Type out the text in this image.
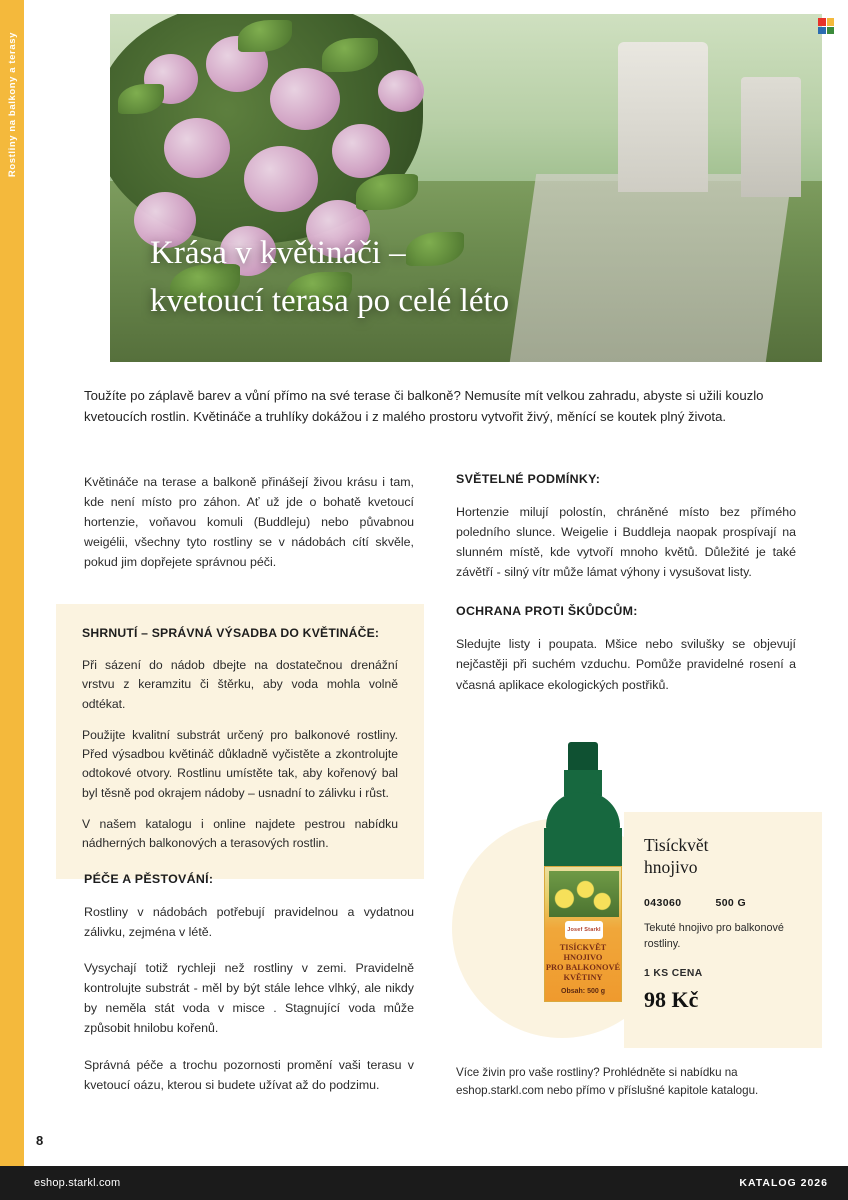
Rostliny na balkony a terasy
Krása v květináči –
kvetoucí terasa po celé léto
Toužíte po záplavě barev a vůní přímo na své terase či balkoně? Nemusíte mít velkou zahradu, abyste si užili kouzlo kvetoucích rostlin. Květináče a truhlíky dokážou i z malého prostoru vytvořit živý, měnící se koutek plný života.

Květináče na terase a balkoně přinášejí živou krásu i tam, kde není místo pro záhon. Ať už jde o bohatě kvetoucí hortenzie, voňavou komuli (Buddleju) nebo půvabnou weigélii, všechny tyto rostliny se v nádobách cítí skvěle, pokud jim dopřejete správnou péči.

SVĚTELNÉ PODMÍNKY:

Hortenzie milují polostín, chráněné místo bez přímého poledního slunce. Weigelie i Buddleja naopak prospívají na slunném místě, kde vytvoří mnoho květů. Důležité je také závětří - silný vítr může lámat výhony i vysušovat listy.

OCHRANA PROTI ŠKŮDCŮM:

Sledujte listy i poupata. Mšice nebo svilušky se objevují nejčastěji při suchém vzduchu. Pomůže pravidelné rosení a včasná aplikace ekologických postřiků.

SHRNUTÍ – SPRÁVNÁ VÝSADBA DO KVĚTINÁČE:

Při sázení do nádob dbejte na dostatečnou drenážní vrstvu z keramzitu či štěrku, aby voda mohla volně odtékat.

Použijte kvalitní substrát určený pro balkonové rostliny. Před výsadbou květináč důkladně vyčistěte a zkontrolujte odtokové otvory. Rostlinu umístěte tak, aby kořenový bal byl těsně pod okrajem nádoby – usnadní to zálivku i růst.

V našem katalogu i online najdete pestrou nabídku nádherných balkonových a terasových rostlin.

PÉČE A PĚSTOVÁNÍ:

Rostliny v nádobách potřebují pravidelnou a vydatnou zálivku, zejména v létě.

Vysychají totiž rychleji než rostliny v zemi. Pravidelně kontrolujte substrát - měl by být stále lehce vlhký, ale nikdy by neměla stát voda v misce . Stagnující voda může způsobit hnilobu kořenů.

Správná péče a trochu pozornosti promění vaši terasu v kvetoucí oázu, kterou si budete užívat až do podzimu.

Josef Starkl
TISÍCKVĚT HNOJIVO
PRO BALKONOVÉ
KVĚTINY
Obsah: 500 g
Tisíckvět
hnojivo
043060	500 G
Tekuté hnojivo pro balkonové rostliny.
1 KS CENA
98 Kč
Více živin pro vaše rostliny? Prohlédněte si nabídku na eshop.starkl.com nebo přímo v příslušné kapitole katalogu.
8
eshop.starkl.com	KATALOG 2026
